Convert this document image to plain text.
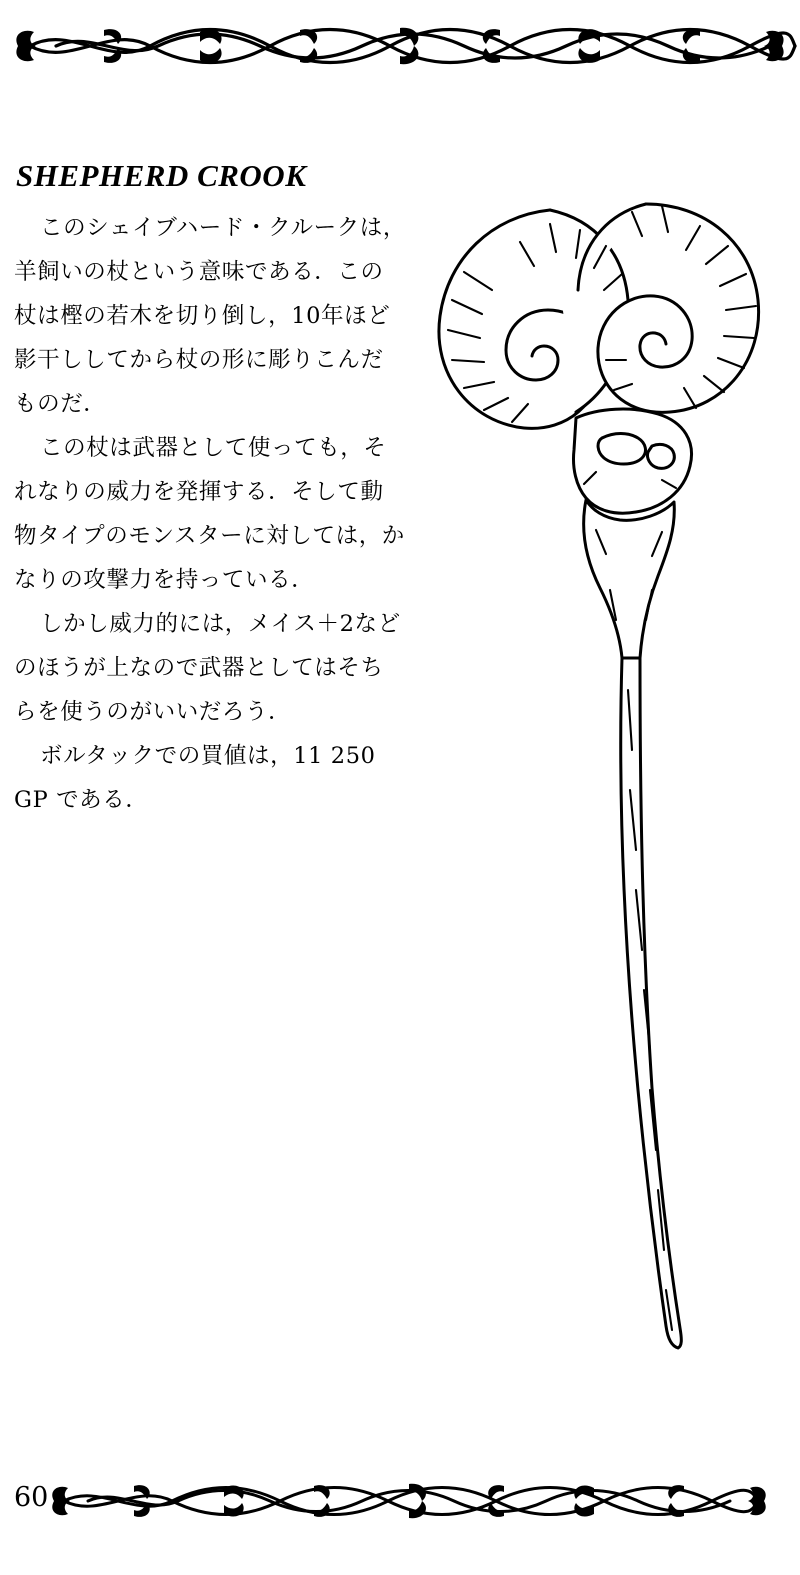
SHEPHERD CROOK

このシェイブハード・クルークは，羊飼いの杖という意味である．この杖は樫の若木を切り倒し，10年ほど影干ししてから杖の形に彫りこんだものだ．

この杖は武器として使っても，それなりの威力を発揮する．そして動物タイプのモンスターに対しては，かなりの攻撃力を持っている．

しかし威力的には，メイス＋2などのほうが上なので武器としてはそちらを使うのがいいだろう．

ボルタックでの買値は，11 250 GP である．

60
